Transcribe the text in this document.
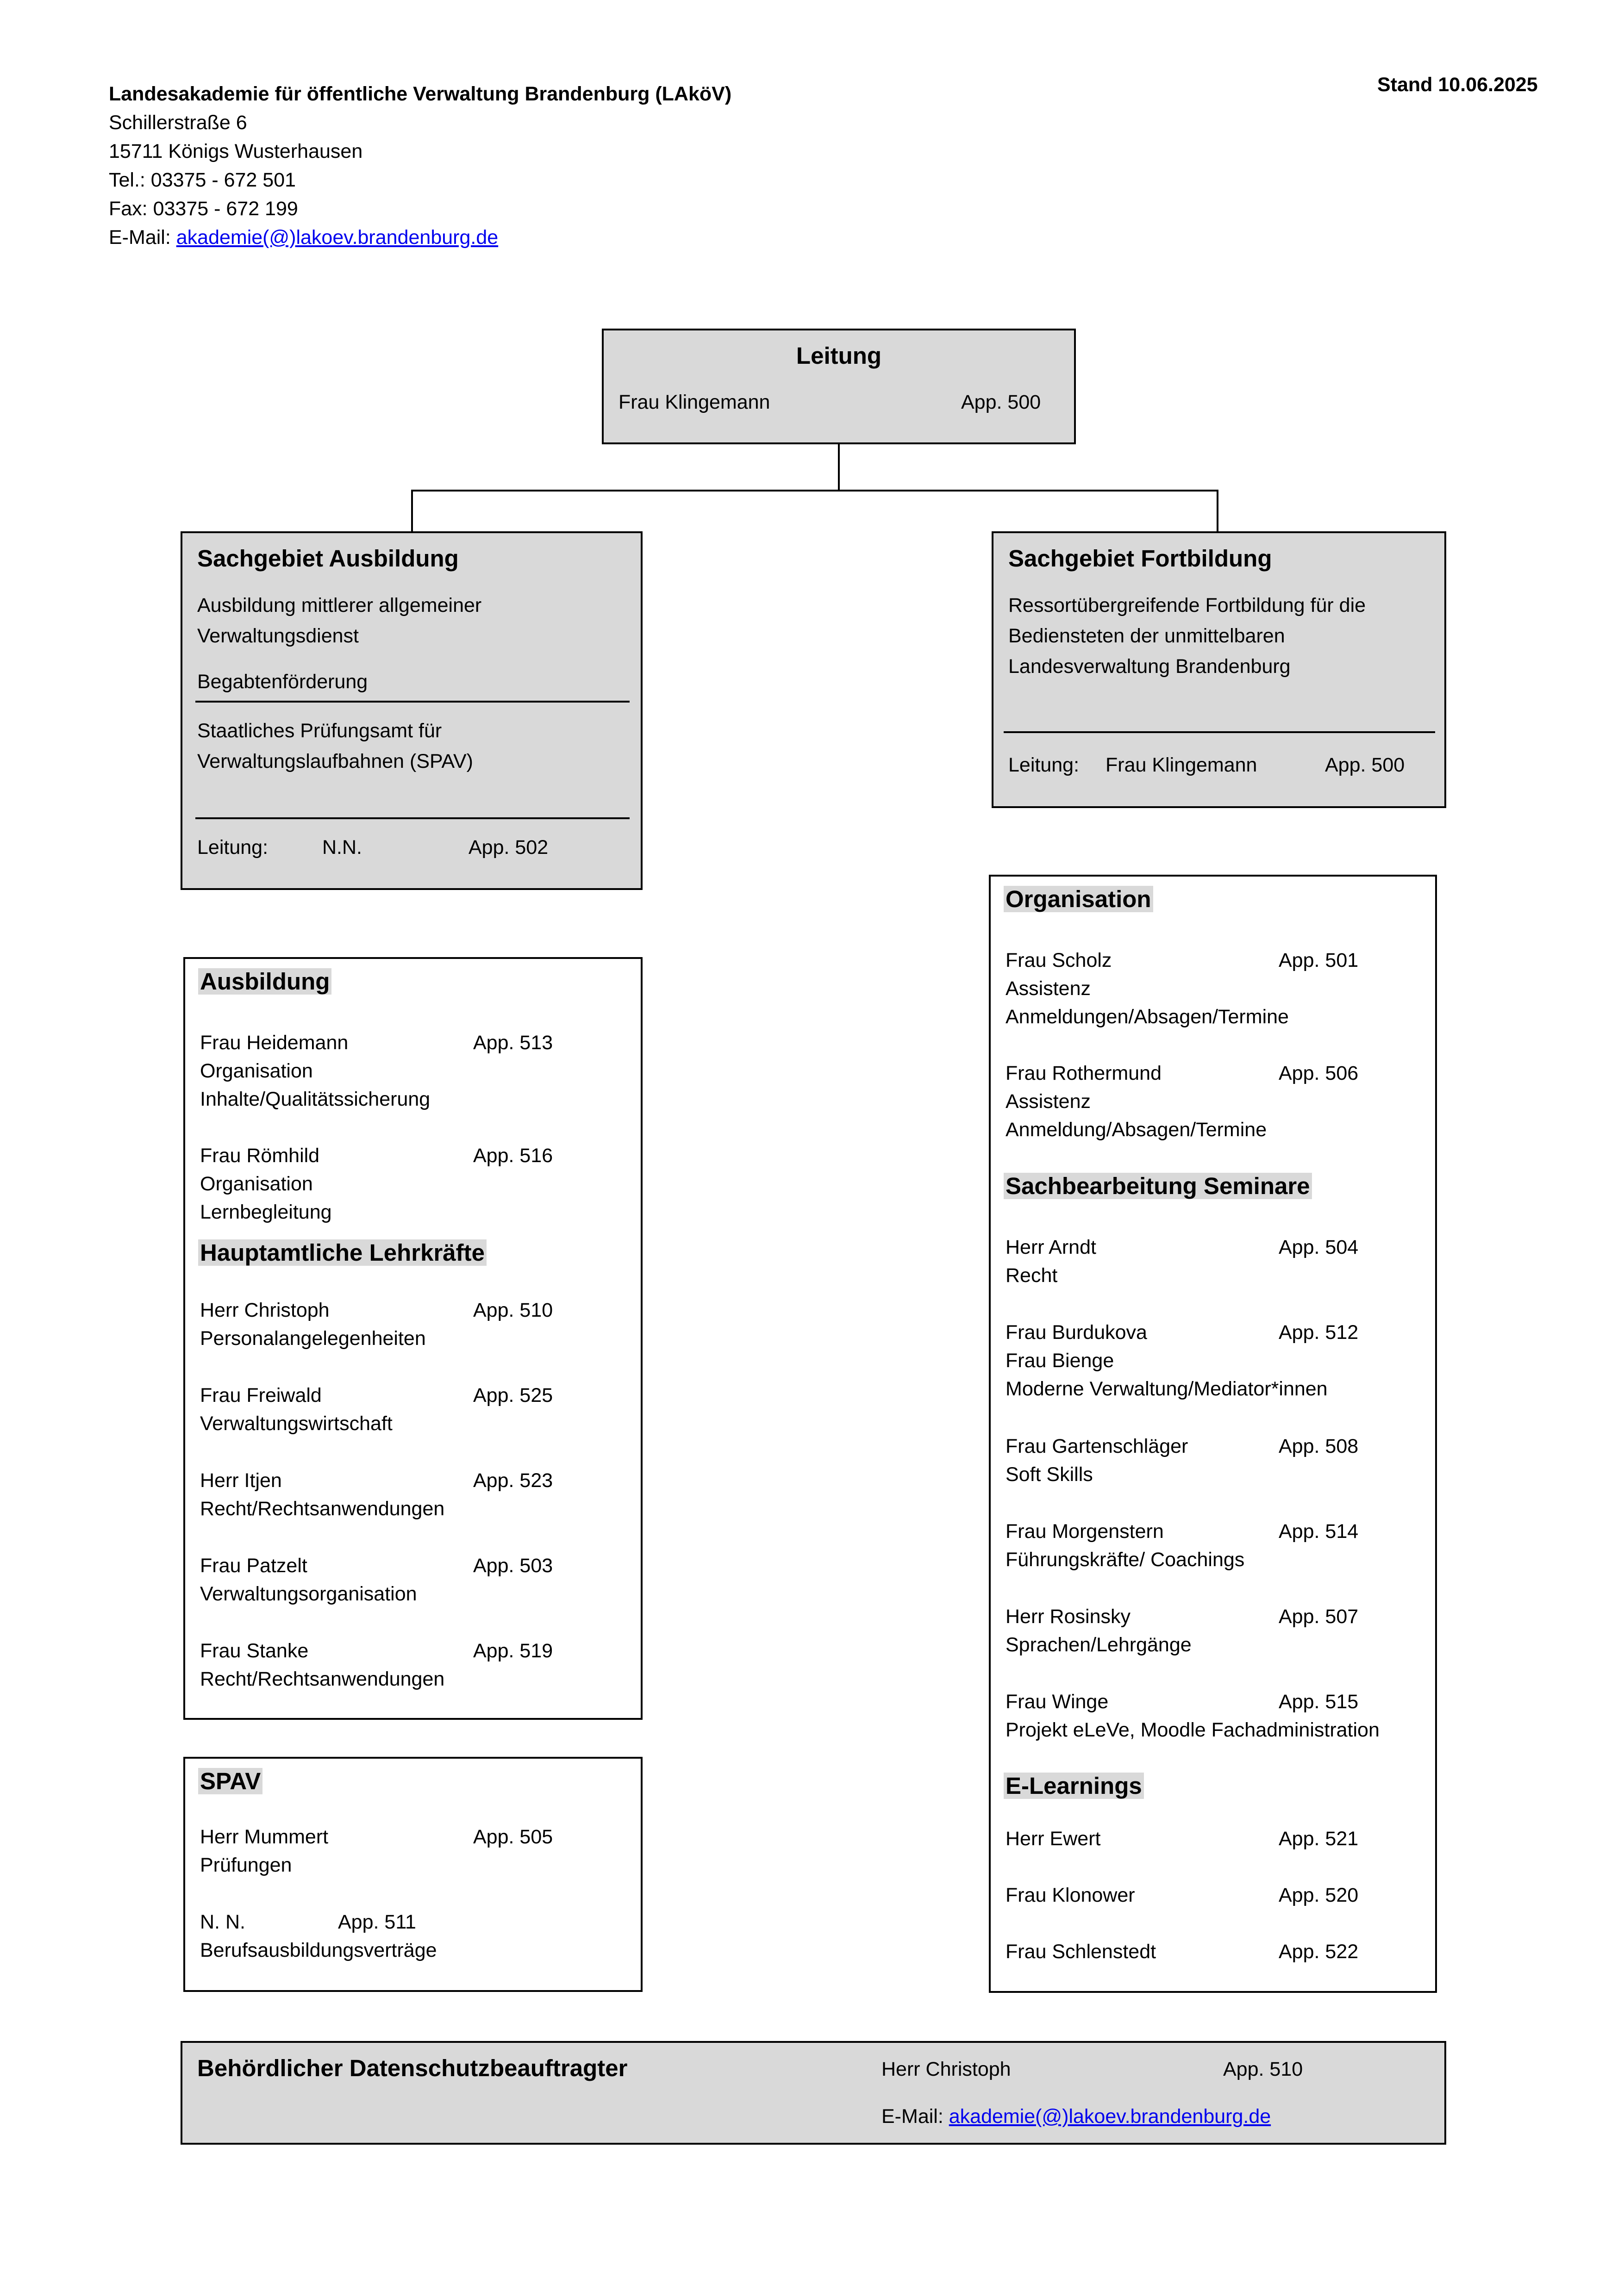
Landesakademie für öffentliche Verwaltung Brandenburg (LAköV)
Schillerstraße 6
15711 Königs Wusterhausen
Tel.: 03375 - 672 501
Fax: 03375 - 672 199
E-Mail: akademie(@)lakoev.brandenburg.de
Stand 10.06.2025
Leitung
Frau Klingemann	App. 500
Sachgebiet Ausbildung
Ausbildung mittlerer allgemeiner
Verwaltungsdienst
Begabtenförderung
Staatliches Prüfungsamt für
Verwaltungslaufbahnen (SPAV)
Leitung:	N.N.	App. 502
Sachgebiet Fortbildung
Ressortübergreifende Fortbildung für die
Bediensteten der unmittelbaren
Landesverwaltung Brandenburg
Leitung: Frau Klingemann	App. 500
Ausbildung
Frau Heidemann	App. 513
Organisation
Inhalte/Qualitätssicherung
Frau Römhild	App. 516
Organisation
Lernbegleitung
Hauptamtliche Lehrkräfte
Herr Christoph	App. 510
Personalangelegenheiten
Frau Freiwald	App. 525
Verwaltungswirtschaft
Herr Itjen	App. 523
Recht/Rechtsanwendungen
Frau Patzelt	App. 503
Verwaltungsorganisation
Frau Stanke	App. 519
Recht/Rechtsanwendungen
SPAV
Herr Mummert	App. 505
Prüfungen
N. N.	App. 511
Berufsausbildungsverträge
Organisation
Frau Scholz	App. 501
Assistenz
Anmeldungen/Absagen/Termine
Frau Rothermund	App. 506
Assistenz
Anmeldung/Absagen/Termine
Sachbearbeitung Seminare
Herr Arndt	App. 504
Recht
Frau Burdukova	App. 512
Frau Bienge
Moderne Verwaltung/Mediator*innen
Frau Gartenschläger	App. 508
Soft Skills
Frau Morgenstern	App. 514
Führungskräfte/ Coachings
Herr Rosinsky	App. 507
Sprachen/Lehrgänge
Frau Winge	App. 515
Projekt eLeVe, Moodle Fachadministration
E-Learnings
Herr Ewert	App. 521
Frau Klonower	App. 520
Frau Schlenstedt	App. 522
Behördlicher Datenschutzbeauftragter	Herr Christoph	App. 510
E-Mail: akademie(@)lakoev.brandenburg.de
